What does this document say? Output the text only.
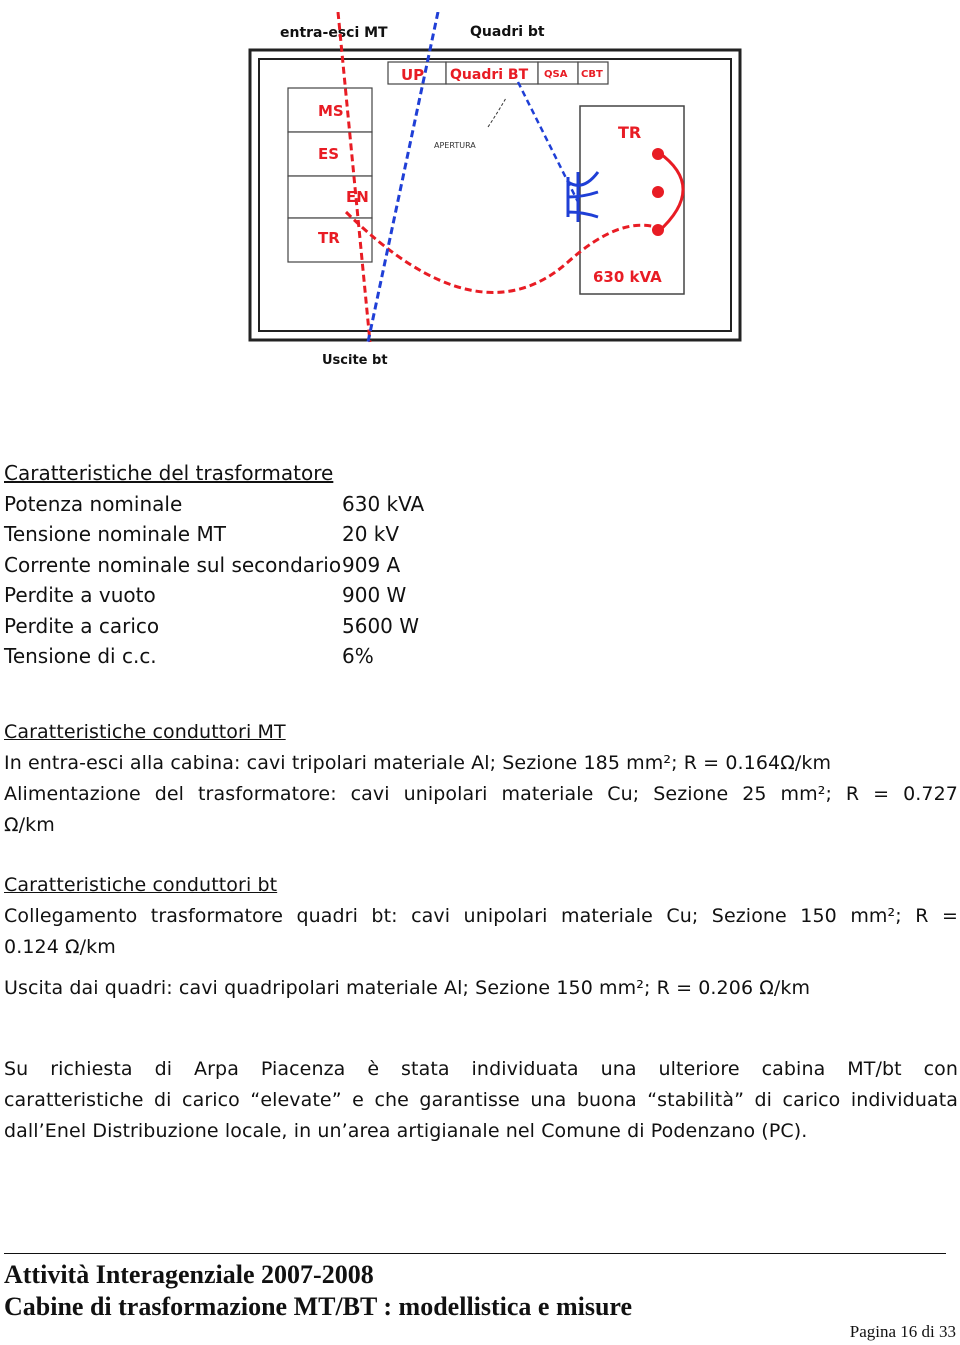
entra-esci MT	Quadri bt
Uscite bt
UP Quadri BT QSA CBT
MS
ES
EN
TR
TR
630 kVA
APERTURA
Caratteristiche del trasformatore
Potenza nominale	630 kVA
Tensione nominale MT	20 kV
Corrente nominale sul secondario 909 A
Perdite a vuoto	900 W
Perdite a carico	5600 W
Tensione di c.c.	6%
Caratteristiche conduttori MT
In entra-esci alla cabina: cavi tripolari materiale Al; Sezione 185 mm²; R = 0.164Ω/km
Alimentazione del trasformatore: cavi unipolari materiale Cu; Sezione 25 mm²; R = 0.727
Ω/km
Caratteristiche conduttori bt
Collegamento trasformatore quadri bt: cavi unipolari materiale Cu; Sezione 150 mm²; R =
0.124 Ω/km
Uscita dai quadri: cavi quadripolari materiale Al; Sezione 150 mm²; R = 0.206 Ω/km
Su richiesta di Arpa Piacenza è stata individuata una ulteriore cabina MT/bt con
caratteristiche di carico “elevate” e che garantisse una buona “stabilità” di carico individuata
dall’Enel Distribuzione locale, in un’area artigianale nel Comune di Podenzano (PC).
Attività Interagenziale 2007-2008
Cabine di trasformazione MT/BT : modellistica e misure
Pagina 16 di 33
